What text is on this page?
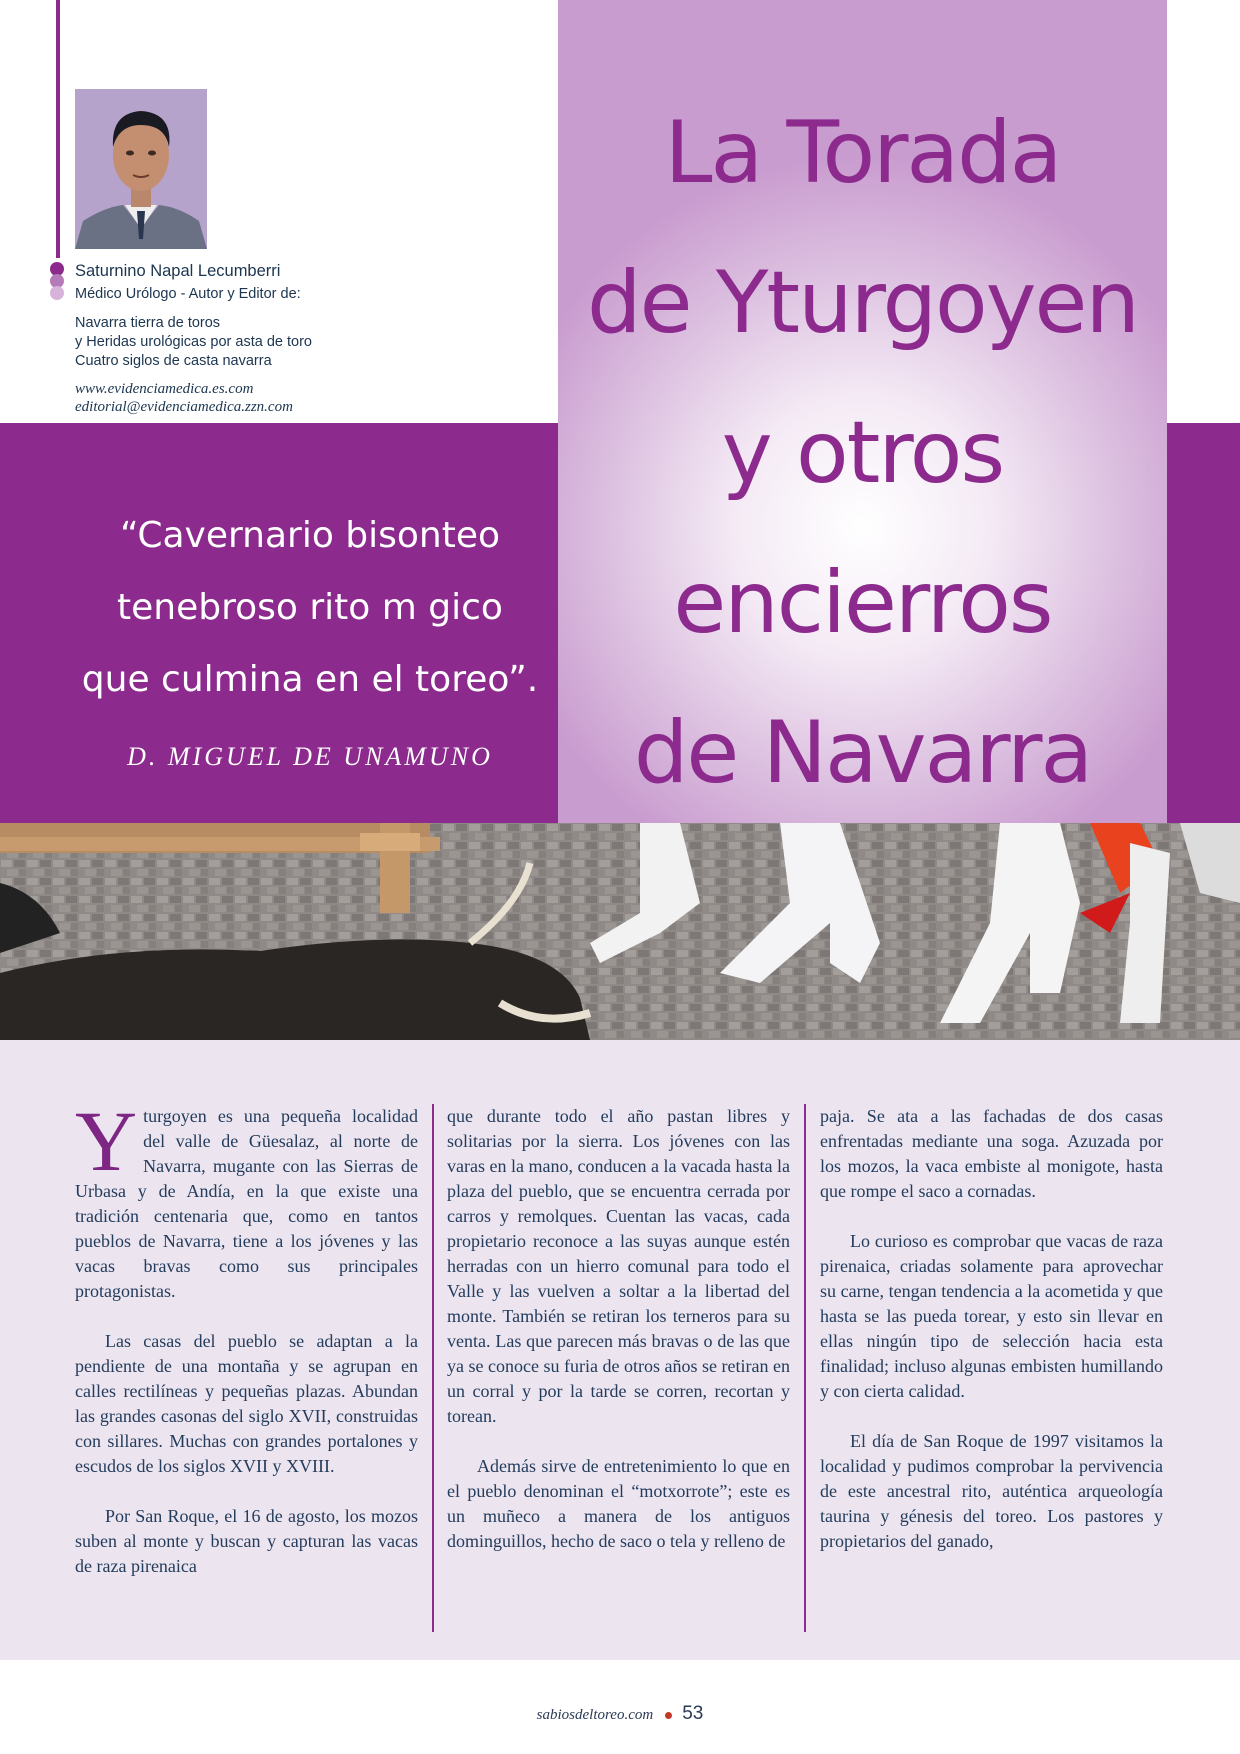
Saturnino Napal Lecumberri
Médico Urólogo - Autor y Editor de:
Navarra tierra de toros
y Heridas urológicas por asta de toro
Cuatro siglos de casta navarra
www.evidenciamedica.es.com
editorial@evidenciamedica.zzn.com
La Torada
de Yturgoyen
y otros
encierros
de Navarra
“Cavernario bisonteo
tenebroso rito m gico
que culmina en el toreo”.
D. MIGUEL DE UNAMUNO

Yturgoyen es una pequeña localidad del valle de Güesalaz, al norte de Navarra, mugante con las Sierras de Urbasa y de Andía, en la que existe una tradición centenaria que, como en tantos pueblos de Navarra, tiene a los jóvenes y las vacas bravas como sus principales protagonistas.

Las casas del pueblo se adaptan a la pendiente de una montaña y se agrupan en calles rectilíneas y pequeñas plazas. Abundan las grandes casonas del siglo XVII, construidas con sillares. Muchas con grandes portalones y escudos de los siglos XVII y XVIII.

Por San Roque, el 16 de agosto, los mozos suben al monte y buscan y capturan las vacas de raza pirenaica

que durante todo el año pastan libres y solitarias por la sierra. Los jóvenes con las varas en la mano, conducen a la vacada hasta la plaza del pueblo, que se encuentra cerrada por carros y remolques. Cuentan las vacas, cada propietario reconoce a las suyas aunque estén herradas con un hierro comunal para todo el Valle y las vuelven a soltar a la libertad del monte. También se retiran los terneros para su venta. Las que parecen más bravas o de las que ya se conoce su furia de otros años se retiran en un corral y por la tarde se corren, recortan y torean.

Además sirve de entretenimiento lo que en el pueblo denominan el “motxorrote”; este es un muñeco a manera de los antiguos dominguillos, hecho de saco o tela y relleno de

paja. Se ata a las fachadas de dos casas enfrentadas mediante una soga. Azuzada por los mozos, la vaca embiste al monigote, hasta que rompe el saco a cornadas.

Lo curioso es comprobar que vacas de raza pirenaica, criadas solamente para aprovechar su carne, tengan tendencia a la acometida y que hasta se las pueda torear, y esto sin llevar en ellas ningún tipo de selección hacia esta finalidad; incluso algunas embisten humillando y con cierta calidad.

El día de San Roque de 1997 visitamos la localidad y pudimos comprobar la pervivencia de este ancestral rito, auténtica arqueología taurina y génesis del toreo. Los pastores y propietarios del ganado,

sabiosdeltoreo.com 53
